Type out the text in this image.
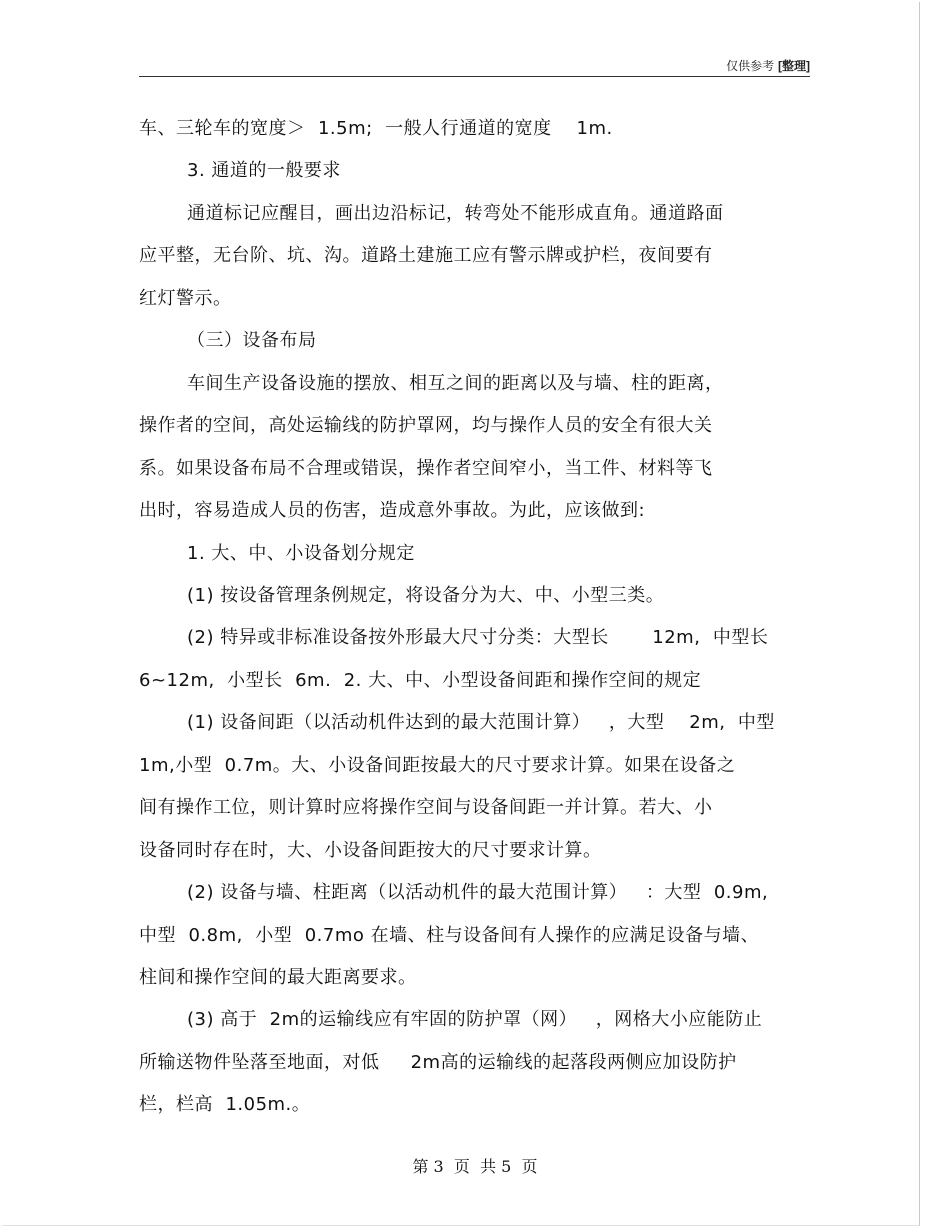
仅供参考 [整理]
车、三轮车的宽度＞  1.5m;  一般人行通道的宽度    1m.
3. 通道的一般要求
通道标记应醒目，画出边沿标记，转弯处不能形成直角。通道路面
应平整，无台阶、坑、沟。道路土建施工应有警示牌或护栏，夜间要有
红灯警示。
（三）设备布局
车间生产设备设施的摆放、相互之间的距离以及与墙、柱的距离，
操作者的空间，高处运输线的防护罩网，均与操作人员的安全有很大关
系。如果设备布局不合理或错误，操作者空间窄小，当工件、材料等飞
出时，容易造成人员的伤害，造成意外事故。为此，应该做到:
1. 大、中、小设备划分规定
(1) 按设备管理条例规定，将设备分为大、中、小型三类。
(2) 特异或非标准设备按外形最大尺寸分类：大型长       12m,  中型长
6~12m,  小型长  6m.  2. 大、中、小型设备间距和操作空间的规定
(1) 设备间距（以活动机件达到的最大范围计算）   ，大型    2m,  中型
1m,小型  0.7m。大、小设备间距按最大的尺寸要求计算。如果在设备之
间有操作工位，则计算时应将操作空间与设备间距一并计算。若大、小
设备同时存在时，大、小设备间距按大的尺寸要求计算。
(2) 设备与墙、柱距离（以活动机件的最大范围计算）   ：大型  0.9m,
中型  0.8m,  小型  0.7mo 在墙、柱与设备间有人操作的应满足设备与墙、
柱间和操作空间的最大距离要求。
(3) 高于  2m的运输线应有牢固的防护罩（网）   ，网格大小应能防止
所输送物件坠落至地面，对低     2m高的运输线的起落段两侧应加设防护
栏，栏高  1.05m.。
第 3  页  共 5  页
